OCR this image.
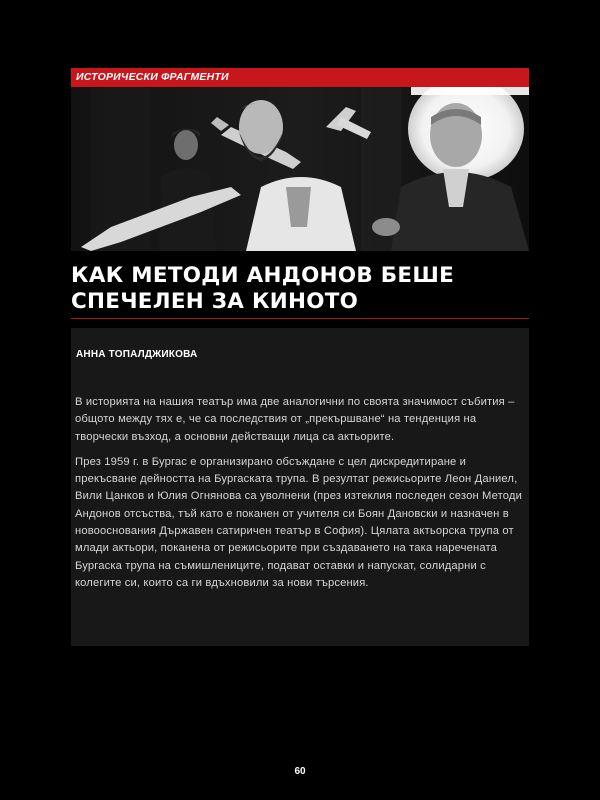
ИСТОРИЧЕСКИ ФРАГМЕНТИ
КАК МЕТОДИ АНДОНОВ БЕШЕ
СПЕЧЕЛЕН ЗА КИНОТО
АННА ТОПАЛДЖИКОВА

В историята на нашия театър има две аналогични по своята значимост събития – общото между тях е, че са последствия от „прекършване“ на тенденция на творчески възход, а основни действащи лица са актьорите.

През 1959 г. в Бургас е организирано обсъждане с цел дискредитиране и прекъсване дейността на Бургаската трупа. В резултат режисьорите Леон Даниел, Вили Цанков и Юлия Огнянова са уволнени (през изтеклия последен сезон Методи Андонов отсъства, тъй като е поканен от учителя си Боян Дановски и назначен в новооснования Държавен сатиричен театър в София). Цялата актьорска трупа от млади актьори, поканена от режисьорите при създаването на така наречената Бургаска трупа на съмишлениците, подават оставки и напускат, солидарни с колегите си, които са ги вдъхновили за нови търсения.

60
